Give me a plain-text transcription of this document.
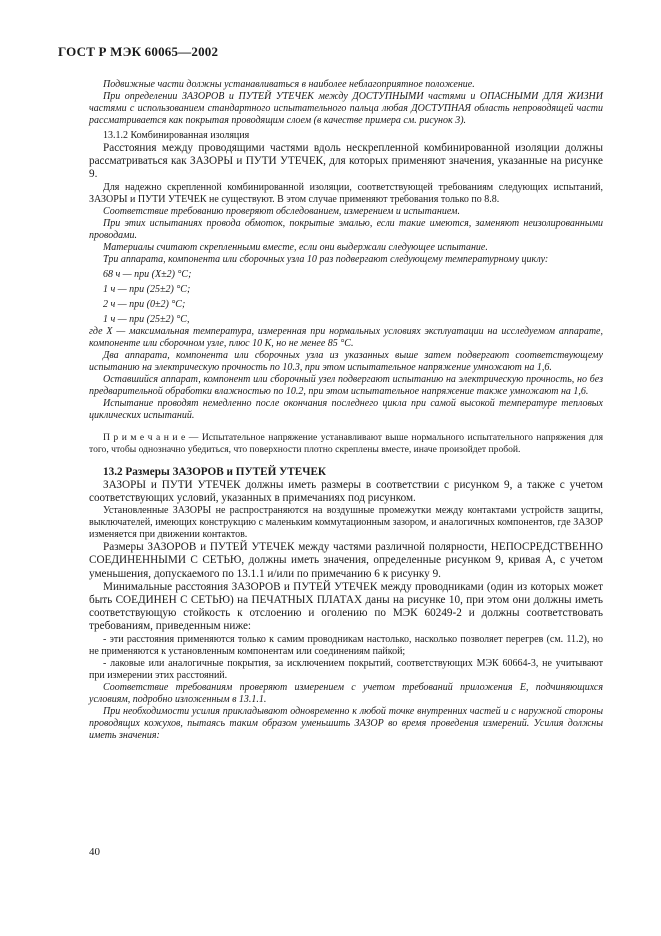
ГОСТ Р МЭК 60065—2002

Подвижные части должны устанавливаться в наиболее неблагоприятное положение.

При определении ЗАЗОРОВ и ПУТЕЙ УТЕЧЕК между ДОСТУПНЫМИ частями и ОПАСНЫМИ ДЛЯ ЖИЗНИ частями с использованием стандартного испытательного пальца любая ДОСТУПНАЯ область непроводящей части рассматривается как покрытая проводящим слоем (в качестве примера см. рисунок 3).

13.1.2 Комбинированная изоляция

Расстояния между проводящими частями вдоль нескрепленной комбинированной изоляции должны рассматриваться как ЗАЗОРЫ и ПУТИ УТЕЧЕК, для которых применяют значения, указанные на рисунке 9.

Для надежно скрепленной комбинированной изоляции, соответствующей требованиям следующих испытаний, ЗАЗОРЫ и ПУТИ УТЕЧЕК не существуют. В этом случае применяют требования только по 8.8.

Соответствие требованию проверяют обследованием, измерением и испытанием.

При этих испытаниях провода обмоток, покрытые эмалью, если такие имеются, заменяют неизолированными проводами.

Материалы считают скрепленными вместе, если они выдержали следующее испытание.

Три аппарата, компонента или сборочных узла 10 раз подвергают следующему температурному циклу:

68 ч — при (X±2) °С;

1 ч — при (25±2) °С;

2 ч — при (0±2) °С;

1 ч — при (25±2) °С,

где X — максимальная температура, измеренная при нормальных условиях эксплуатации на исследуемом аппарате, компоненте или сборочном узле, плюс 10 K, но не менее 85 °С.

Два аппарата, компонента или сборочных узла из указанных выше затем подвергают соответствующему испытанию на электрическую прочность по 10.3, при этом испытательное напряжение умножают на 1,6.

Оставшийся аппарат, компонент или сборочный узел подвергают испытанию на электрическую прочность, но без предварительной обработки влажностью по 10.2, при этом испытательное напряжение также умножают на 1,6.

Испытание проводят немедленно после окончания последнего цикла при самой высокой температуре тепловых циклических испытаний.

П р и м е ч а н и е — Испытательное напряжение устанавливают выше нормального испытательного напряжения для того, чтобы однозначно убедиться, что поверхности плотно скреплены вместе, иначе произойдет пробой.

13.2 Размеры ЗАЗОРОВ и ПУТЕЙ УТЕЧЕК

ЗАЗОРЫ и ПУТИ УТЕЧЕК должны иметь размеры в соответствии с рисунком 9, а также с учетом соответствующих условий, указанных в примечаниях под рисунком.

Установленные ЗАЗОРЫ не распространяются на воздушные промежутки между контактами устройств защиты, выключателей, имеющих конструкцию с маленьким коммутационным зазором, и аналогичных компонентов, где ЗАЗОР изменяется при движении контактов.

Размеры ЗАЗОРОВ и ПУТЕЙ УТЕЧЕК между частями различной полярности, НЕПОСРЕДСТВЕННО СОЕДИНЕННЫМИ С СЕТЬЮ, должны иметь значения, определенные рисунком 9, кривая А, с учетом уменьшения, допускаемого по 13.1.1 и/или по примечанию 6 к рисунку 9.

Минимальные расстояния ЗАЗОРОВ и ПУТЕЙ УТЕЧЕК между проводниками (один из которых может быть СОЕДИНЕН С СЕТЬЮ) на ПЕЧАТНЫХ ПЛАТАХ даны на рисунке 10, при этом они должны иметь соответствующую стойкость к отслоению и оголению по МЭК 60249-2 и должны соответствовать требованиям, приведенным ниже:

- эти расстояния применяются только к самим проводникам настолько, насколько позволяет перегрев (см. 11.2), но не применяются к установленным компонентам или соединениям пайкой;

- лаковые или аналогичные покрытия, за исключением покрытий, соответствующих МЭК 60664-3, не учитывают при измерении этих расстояний.

Соответствие требованиям проверяют измерением с учетом требований приложения E, подчиняющихся условиям, подробно изложенным в 13.1.1.

При необходимости усилия прикладывают одновременно к любой точке внутренних частей и с наружной стороны проводящих кожухов, пытаясь таким образом уменьшить ЗАЗОР во время проведения измерений. Усилия должны иметь значения:

40
